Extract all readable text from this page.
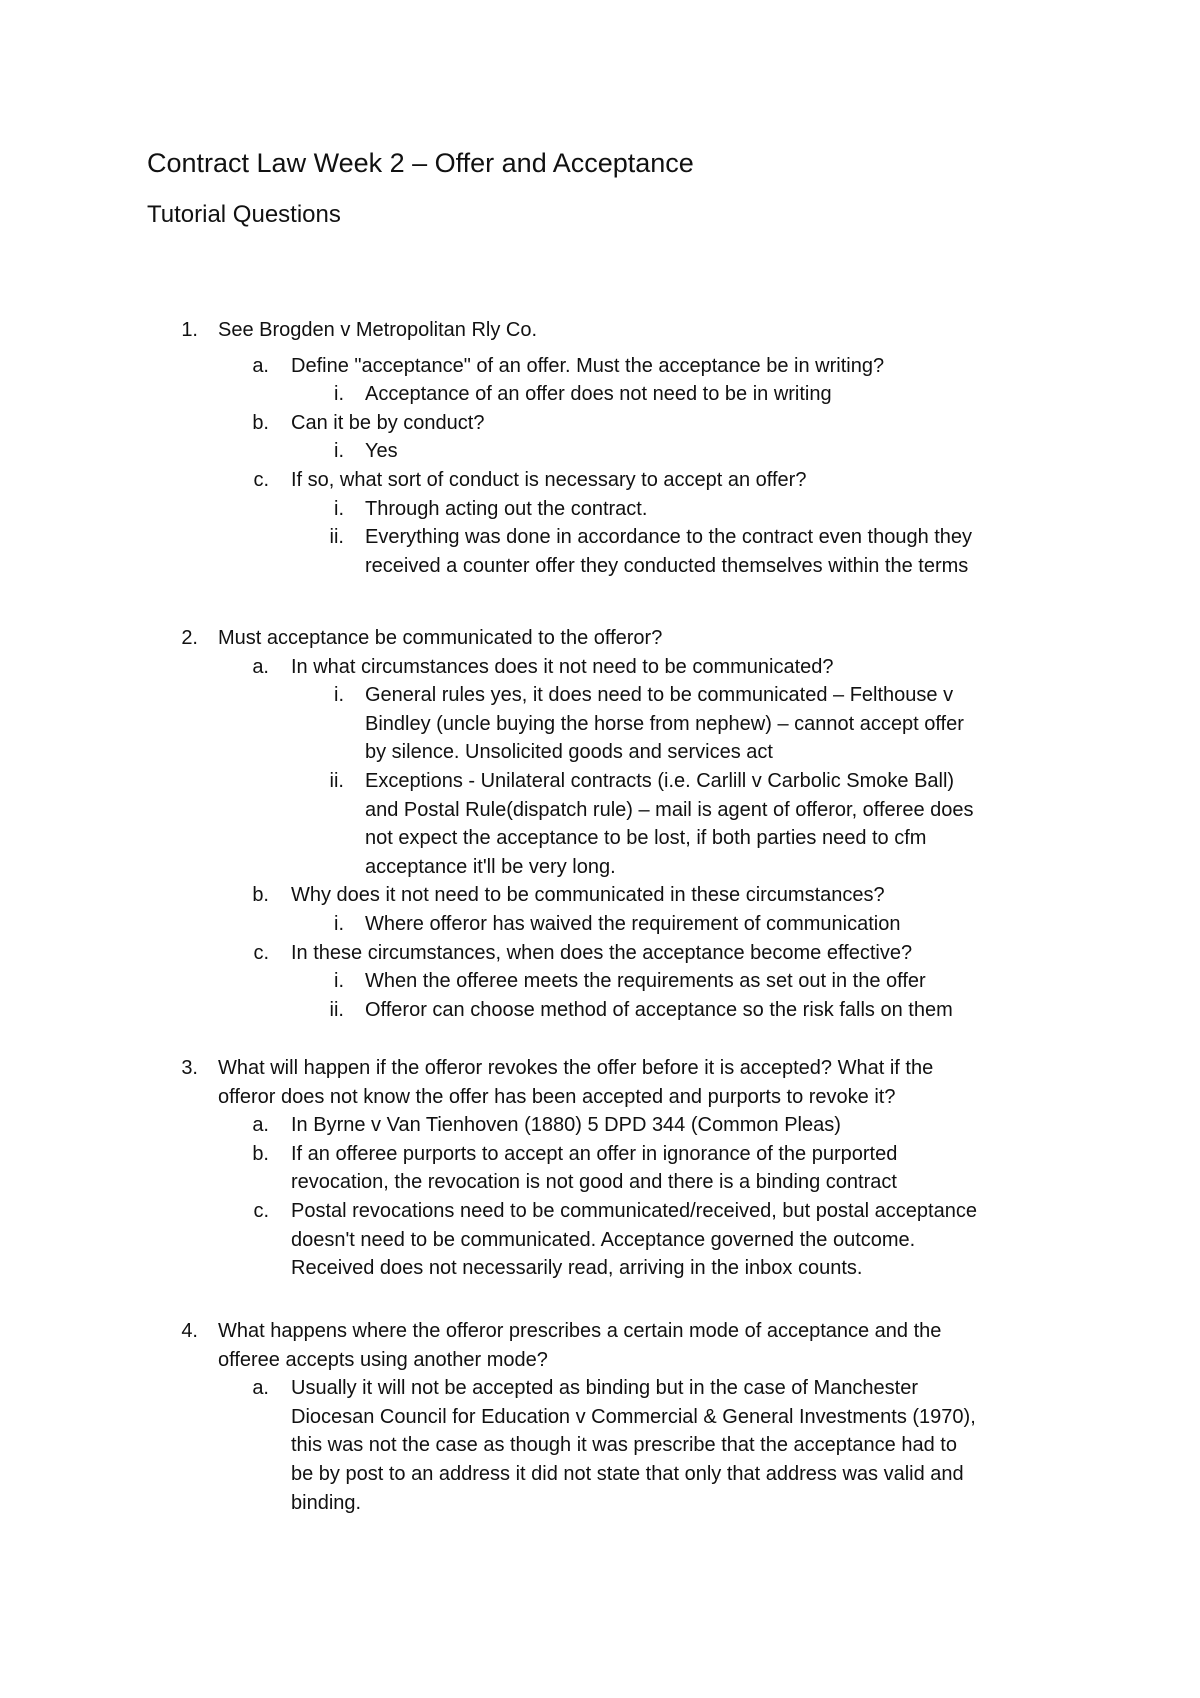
Contract Law Week 2 – Offer and Acceptance
Tutorial Questions
1. See Brogden v Metropolitan Rly Co.
a. Define "acceptance" of an offer. Must the acceptance be in writing?
i. Acceptance of an offer does not need to be in writing
b. Can it be by conduct?
i. Yes
c. If so, what sort of conduct is necessary to accept an offer?
i. Through acting out the contract.
ii. Everything was done in accordance to the contract even though they
received a counter offer they conducted themselves within the terms
2. Must acceptance be communicated to the offeror?
a. In what circumstances does it not need to be communicated?
i. General rules yes, it does need to be communicated – Felthouse v
Bindley (uncle buying the horse from nephew) – cannot accept offer
by silence. Unsolicited goods and services act
ii. Exceptions - Unilateral contracts (i.e. Carlill v Carbolic Smoke Ball)
and Postal Rule(dispatch rule) – mail is agent of offeror, offeree does
not expect the acceptance to be lost, if both parties need to cfm
acceptance it'll be very long.
b. Why does it not need to be communicated in these circumstances?
i. Where offeror has waived the requirement of communication
c. In these circumstances, when does the acceptance become effective?
i. When the offeree meets the requirements as set out in the offer
ii. Offeror can choose method of acceptance so the risk falls on them
3. What will happen if the offeror revokes the offer before it is accepted? What if the
offeror does not know the offer has been accepted and purports to revoke it?
a. In Byrne v Van Tienhoven (1880) 5 DPD 344 (Common Pleas)
b. If an offeree purports to accept an offer in ignorance of the purported
revocation, the revocation is not good and there is a binding contract
c. Postal revocations need to be communicated/received, but postal acceptance
doesn't need to be communicated. Acceptance governed the outcome.
Received does not necessarily read, arriving in the inbox counts.
4. What happens where the offeror prescribes a certain mode of acceptance and the
offeree accepts using another mode?
a. Usually it will not be accepted as binding but in the case of Manchester
Diocesan Council for Education v Commercial & General Investments (1970),
this was not the case as though it was prescribe that the acceptance had to
be by post to an address it did not state that only that address was valid and
binding.
